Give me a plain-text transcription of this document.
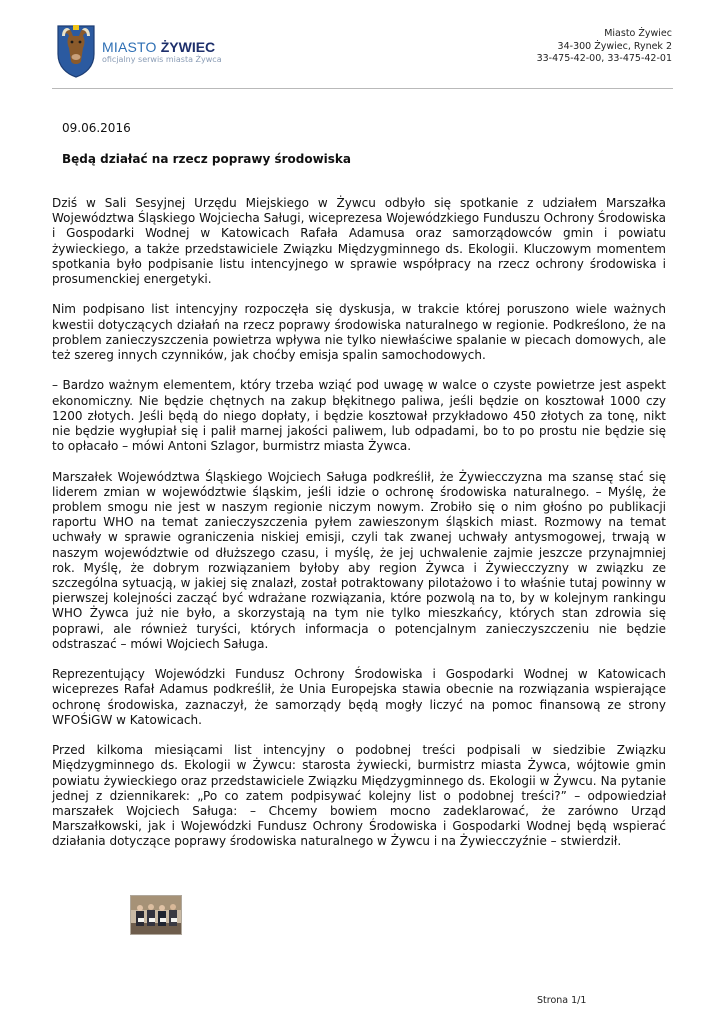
MIASTO ŻYWIEC
oficjalny serwis miasta Żywca
Miasto Żywiec
34-300 Żywiec, Rynek 2
33-475-42-00, 33-475-42-01
09.06.2016
Będą działać na rzecz poprawy środowiska

Dziś w Sali Sesyjnej Urzędu Miejskiego w Żywcu odbyło się spotkanie z udziałem Marszałka Województwa Śląskiego Wojciecha Saługi, wiceprezesa Wojewódzkiego Funduszu Ochrony Środowiska i Gospodarki Wodnej w Katowicach Rafała Adamusa oraz samorządowców gmin i powiatu żywieckiego, a także przedstawiciele Związku Międzygminnego ds. Ekologii. Kluczowym momentem spotkania było podpisanie listu intencyjnego w sprawie współpracy na rzecz ochrony środowiska i prosumenckiej energetyki.

Nim podpisano list intencyjny rozpoczęła się dyskusja, w trakcie której poruszono wiele ważnych kwestii dotyczących działań na rzecz poprawy środowiska naturalnego w regionie. Podkreślono, że na problem zanieczyszczenia powietrza wpływa nie tylko niewłaściwe spalanie w piecach domowych, ale też szereg innych czynników, jak choćby emisja spalin samochodowych.

– Bardzo ważnym elementem, który trzeba wziąć pod uwagę w walce o czyste powietrze jest aspekt ekonomiczny. Nie będzie chętnych na zakup błękitnego paliwa, jeśli będzie on kosztował 1000 czy 1200 złotych. Jeśli będą do niego dopłaty, i będzie kosztował przykładowo 450 złotych za tonę, nikt nie będzie wygłupiał się i palił marnej jakości paliwem, lub odpadami, bo to po prostu nie będzie się to opłacało – mówi Antoni Szlagor, burmistrz miasta Żywca.

Marszałek Województwa Śląskiego Wojciech Saługa podkreślił, że Żywiecczyzna ma szansę stać się liderem zmian w województwie śląskim, jeśli idzie o ochronę środowiska naturalnego. – Myślę, że problem smogu nie jest w naszym regionie niczym nowym. Zrobiło się o nim głośno po publikacji raportu WHO na temat zanieczyszczenia pyłem zawieszonym śląskich miast. Rozmowy na temat uchwały w sprawie ograniczenia niskiej emisji, czyli tak zwanej uchwały antysmogowej, trwają w naszym województwie od dłuższego czasu, i myślę, że jej uchwalenie zajmie jeszcze przynajmniej rok. Myślę, że dobrym rozwiązaniem byłoby aby region Żywca i Żywiecczyzny w związku ze szczególna sytuacją, w jakiej się znalazł, został potraktowany pilotażowo i to właśnie tutaj powinny w pierwszej kolejności zacząć być wdrażane rozwiązania, które pozwolą na to, by w kolejnym rankingu WHO Żywca już nie było, a skorzystają na tym nie tylko mieszkańcy, których stan zdrowia się poprawi, ale również turyści, których informacja o potencjalnym zanieczyszczeniu nie będzie odstraszać – mówi Wojciech Saługa.

Reprezentujący Wojewódzki Fundusz Ochrony Środowiska i Gospodarki Wodnej w Katowicach wiceprezes Rafał Adamus podkreślił, że Unia Europejska stawia obecnie na rozwiązania wspierające ochronę środowiska, zaznaczył, że samorządy będą mogły liczyć na pomoc finansową ze strony WFOŚiGW w Katowicach.

Przed kilkoma miesiącami list intencyjny o podobnej treści podpisali w siedzibie Związku Międzygminnego ds. Ekologii w Żywcu: starosta żywiecki, burmistrz miasta Żywca, wójtowie gmin powiatu żywieckiego oraz przedstawiciele Związku Międzygminnego ds. Ekologii w Żywcu. Na pytanie jednej z dziennikarek: „Po co zatem podpisywać kolejny list o podobnej treści?” – odpowiedział marszałek Wojciech Saługa: – Chcemy bowiem mocno zadeklarować, że zarówno Urząd Marszałkowski, jak i Wojewódzki Fundusz Ochrony Środowiska i Gospodarki Wodnej będą wspierać działania dotyczące poprawy środowiska naturalnego w Żywcu i na Żywiecczyźnie – stwierdził.

Strona 1/1
